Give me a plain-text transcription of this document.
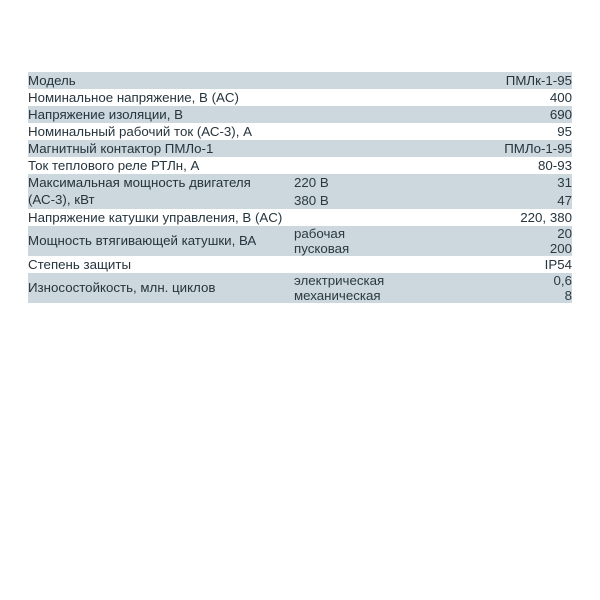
Модель		ПМЛк-1-95
Номинальное напряжение, В (AC)		400
Напряжение изоляции, В		690
Номинальный рабочий ток (АС-3), А		95
Магнитный контактор ПМЛо-1		ПМЛо-1-95
Ток теплового реле РТЛн, А		80-93
Максимальная мощность двигателя (АС-3), кВт	220 В	31
	380 В	47
Напряжение катушки управления, В (AC)		220, 380
Мощность втягивающей катушки, ВА	рабочая	20
	пусковая	200
Степень защиты		IP54
Износостойкость, млн. циклов	электрическая	0,6
	механическая	8
